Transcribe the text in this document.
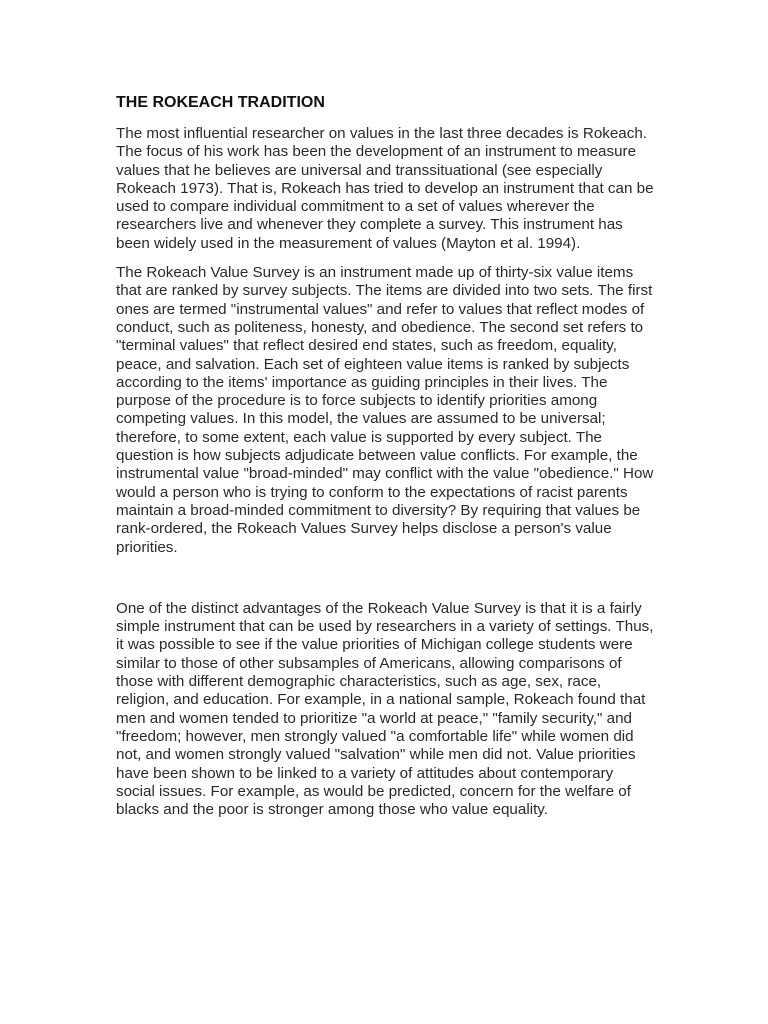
THE ROKEACH TRADITION

The most influential researcher on values in the last three decades is Rokeach. The focus of his work has been the development of an instrument to measure values that he believes are universal and transsituational (see especially Rokeach 1973). That is, Rokeach has tried to develop an instrument that can be used to compare individual commitment to a set of values wherever the researchers live and whenever they complete a survey. This instrument has been widely used in the measurement of values (Mayton et al. 1994).

The Rokeach Value Survey is an instrument made up of thirty-six value items that are ranked by survey subjects. The items are divided into two sets. The first ones are termed "instrumental values" and refer to values that reflect modes of conduct, such as politeness, honesty, and obedience. The second set refers to "terminal values" that reflect desired end states, such as freedom, equality, peace, and salvation. Each set of eighteen value items is ranked by subjects according to the items' importance as guiding principles in their lives. The purpose of the procedure is to force subjects to identify priorities among competing values. In this model, the values are assumed to be universal; therefore, to some extent, each value is supported by every subject. The question is how subjects adjudicate between value conflicts. For example, the instrumental value "broad-minded" may conflict with the value "obedience." How would a person who is trying to conform to the expectations of racist parents maintain a broad-minded commitment to diversity? By requiring that values be rank-ordered, the Rokeach Values Survey helps disclose a person's value priorities.

One of the distinct advantages of the Rokeach Value Survey is that it is a fairly simple instrument that can be used by researchers in a variety of settings. Thus, it was possible to see if the value priorities of Michigan college students were similar to those of other subsamples of Americans, allowing comparisons of those with different demographic characteristics, such as age, sex, race, religion, and education. For example, in a national sample, Rokeach found that men and women tended to prioritize "a world at peace," "family security," and "freedom; however, men strongly valued "a comfortable life" while women did not, and women strongly valued "salvation" while men did not. Value priorities have been shown to be linked to a variety of attitudes about contemporary social issues. For example, as would be predicted, concern for the welfare of blacks and the poor is stronger among those who value equality.
